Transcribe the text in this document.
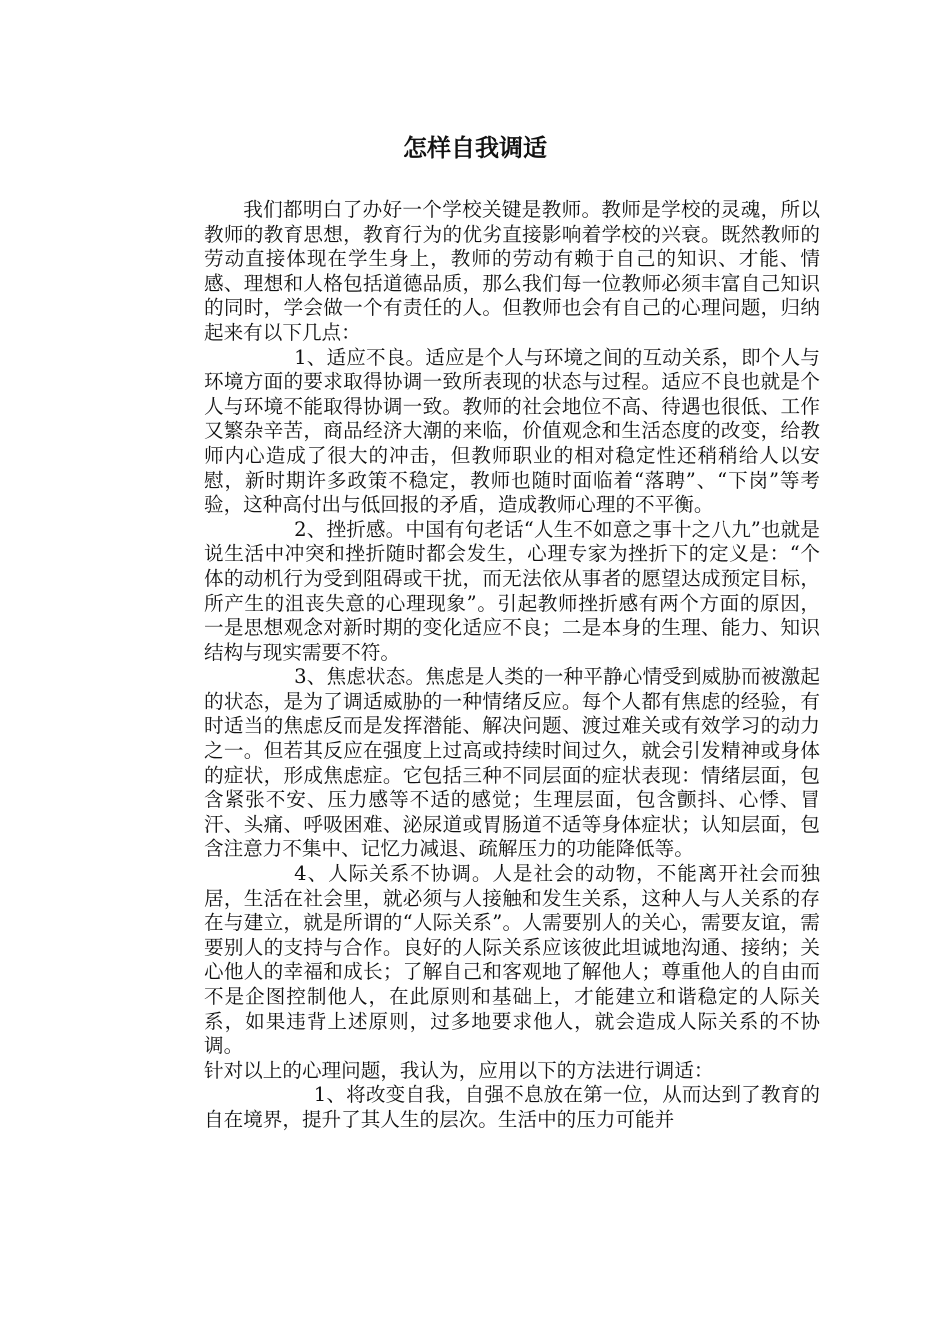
怎样自我调适

我们都明白了办好一个学校关键是教师。教师是学校的灵魂，所以教师的教育思想，教育行为的优劣直接影响着学校的兴衰。既然教师的劳动直接体现在学生身上，教师的劳动有赖于自己的知识、才能、情感、理想和人格包括道德品质，那么我们每一位教师必须丰富自己知识的同时，学会做一个有责任的人。但教师也会有自己的心理问题，归纳起来有以下几点：

1、适应不良。适应是个人与环境之间的互动关系，即个人与环境方面的要求取得协调一致所表现的状态与过程。适应不良也就是个人与环境不能取得协调一致。教师的社会地位不高、待遇也很低、工作又繁杂辛苦，商品经济大潮的来临，价值观念和生活态度的改变，给教师内心造成了很大的冲击，但教师职业的相对稳定性还稍稍给人以安慰，新时期许多政策不稳定，教师也随时面临着“落聘”、“下岗”等考验，这种高付出与低回报的矛盾，造成教师心理的不平衡。

2、挫折感。中国有句老话“人生不如意之事十之八九”也就是说生活中冲突和挫折随时都会发生，心理专家为挫折下的定义是：“个体的动机行为受到阻碍或干扰，而无法依从事者的愿望达成预定目标，所产生的沮丧失意的心理现象”。引起教师挫折感有两个方面的原因，一是思想观念对新时期的变化适应不良；二是本身的生理、能力、知识结构与现实需要不符。

3、焦虑状态。焦虑是人类的一种平静心情受到威胁而被激起的状态，是为了调适威胁的一种情绪反应。每个人都有焦虑的经验，有时适当的焦虑反而是发挥潜能、解决问题、渡过难关或有效学习的动力之一。但若其反应在强度上过高或持续时间过久，就会引发精神或身体的症状，形成焦虑症。它包括三种不同层面的症状表现：情绪层面，包含紧张不安、压力感等不适的感觉；生理层面，包含颤抖、心悸、冒汗、头痛、呼吸困难、泌尿道或胃肠道不适等身体症状；认知层面，包含注意力不集中、记忆力减退、疏解压力的功能降低等。

4、人际关系不协调。人是社会的动物，不能离开社会而独居，生活在社会里，就必须与人接触和发生关系，这种人与人关系的存在与建立，就是所谓的“人际关系”。人需要别人的关心，需要友谊，需要别人的支持与合作。良好的人际关系应该彼此坦诚地沟通、接纳；关心他人的幸福和成长；了解自己和客观地了解他人；尊重他人的自由而不是企图控制他人，在此原则和基础上，才能建立和谐稳定的人际关系，如果违背上述原则，过多地要求他人，就会造成人际关系的不协调。

针对以上的心理问题，我认为，应用以下的方法进行调适：

1、将改变自我，自强不息放在第一位，从而达到了教育的自在境界，提升了其人生的层次。生活中的压力可能并
